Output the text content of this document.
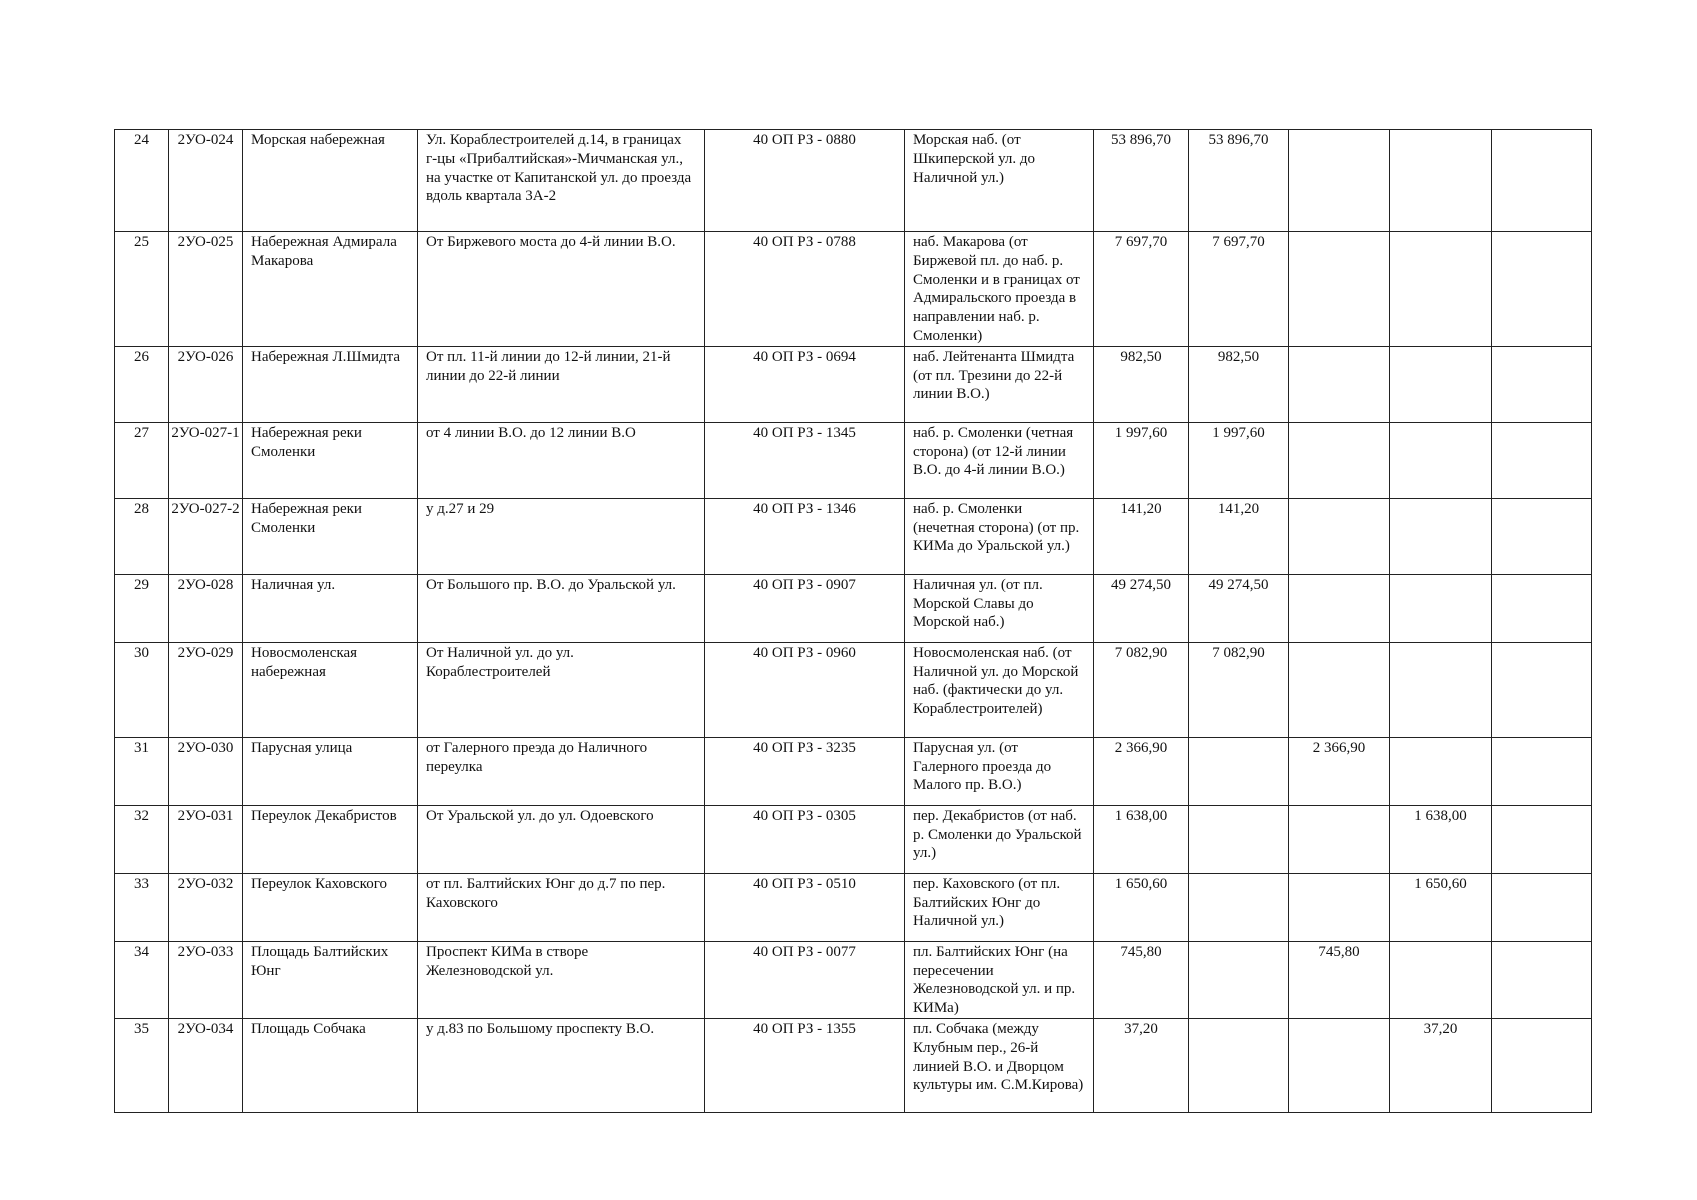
24	2УО-024	Морская набережная	Ул. Кораблестроителей д.14, в границах г-цы «Прибалтийская»-Мичманская ул., на участке от Капитанской ул. до проезда вдоль квартала 3А-2	40 ОП РЗ - 0880	Морская наб. (от Шкиперской ул. до Наличной ул.)	53 896,70	53 896,70			
25	2УО-025	Набережная Адмирала Макарова	От Биржевого моста до 4-й линии В.О.	40 ОП РЗ - 0788	наб. Макарова (от Биржевой пл. до наб. р. Смоленки и в границах от Адмиральского проезда в направлении наб. р. Смоленки)	7 697,70	7 697,70			
26	2УО-026	Набережная Л.Шмидта	От пл. 11-й линии до 12-й линии, 21-й линии до 22-й линии	40 ОП РЗ - 0694	наб. Лейтенанта Шмидта (от пл. Трезини до 22-й линии В.О.)	982,50	982,50			
27	2УО-027-1	Набережная реки Смоленки	от 4 линии В.О. до 12 линии В.О	40 ОП РЗ - 1345	наб. р. Смоленки (четная сторона) (от 12-й линии В.О. до 4-й линии В.О.)	1 997,60	1 997,60			
28	2УО-027-2	Набережная реки Смоленки	у д.27 и 29	40 ОП РЗ - 1346	наб. р. Смоленки (нечетная сторона) (от пр. КИМа до Уральской ул.)	141,20	141,20			
29	2УО-028	Наличная ул.	От Большого пр. В.О. до Уральской ул.	40 ОП РЗ - 0907	Наличная ул. (от пл. Морской Славы до Морской наб.)	49 274,50	49 274,50			
30	2УО-029	Новосмоленская набережная	От Наличной ул. до ул. Кораблестроителей	40 ОП РЗ - 0960	Новосмоленская наб. (от Наличной ул. до Морской наб. (фактически до ул. Кораблестроителей)	7 082,90	7 082,90			
31	2УО-030	Парусная улица	от Галерного преэда до Наличного переулка	40 ОП РЗ - 3235	Парусная ул. (от Галерного проезда до Малого пр. В.О.)	2 366,90		2 366,90		
32	2УО-031	Переулок Декабристов	От Уральской ул. до ул. Одоевского	40 ОП РЗ - 0305	пер. Декабристов (от наб. р. Смоленки до Уральской ул.)	1 638,00			1 638,00	
33	2УО-032	Переулок Каховского	от пл. Балтийских Юнг до д.7 по пер. Каховского	40 ОП РЗ - 0510	пер. Каховского (от пл. Балтийских Юнг до Наличной ул.)	1 650,60			1 650,60	
34	2УО-033	Площадь Балтийских Юнг	Проспект КИМа в створе Железноводской ул.	40 ОП РЗ - 0077	пл. Балтийских Юнг (на пересечении Железноводской ул. и пр. КИМа)	745,80		745,80		
35	2УО-034	Площадь Собчака	у д.83 по Большому проспекту В.О.	40 ОП РЗ - 1355	пл. Собчака (между Клубным пер., 26-й линией В.О. и Дворцом культуры им. С.М.Кирова)	37,20			37,20	
